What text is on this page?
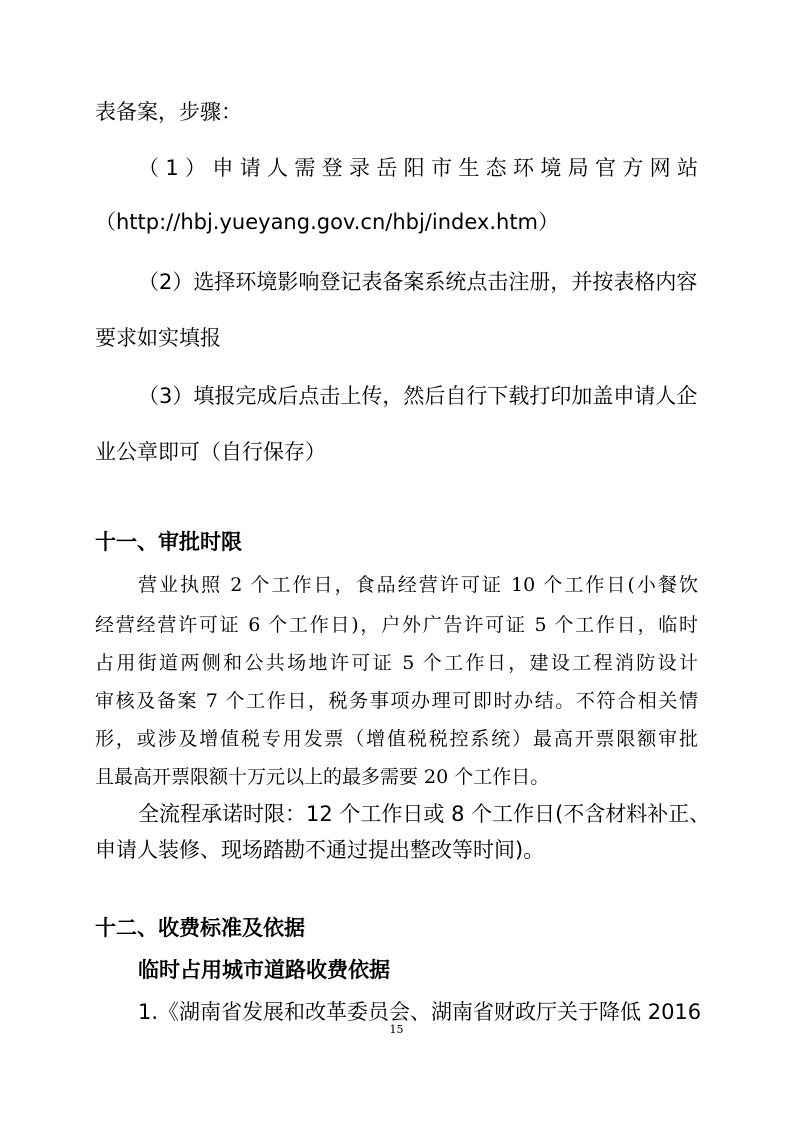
表备案，步骤：

（1）申请人需登录岳阳市生态环境局官方网站

（http://hbj.yueyang.gov.cn/hbj/index.htm）

（2）选择环境影响登记表备案系统点击注册，并按表格内容

要求如实填报

（3）填报完成后点击上传，然后自行下载打印加盖申请人企

业公章即可（自行保存）

十一、审批时限

营业执照 2 个工作日，食品经营许可证 10 个工作日(小餐饮

经营经营许可证 6 个工作日)，户外广告许可证 5 个工作日，临时

占用街道两侧和公共场地许可证 5 个工作日，建设工程消防设计

审核及备案 7 个工作日，税务事项办理可即时办结。不符合相关情

形，或涉及增值税专用发票（增值税税控系统）最高开票限额审批

且最高开票限额十万元以上的最多需要 20 个工作日。

全流程承诺时限：12 个工作日或 8 个工作日(不含材料补正、

申请人装修、现场踏勘不通过提出整改等时间)。

十二、收费标准及依据

临时占用城市道路收费依据

1.《湖南省发展和改革委员会、湖南省财政厅关于降低 2016

15
